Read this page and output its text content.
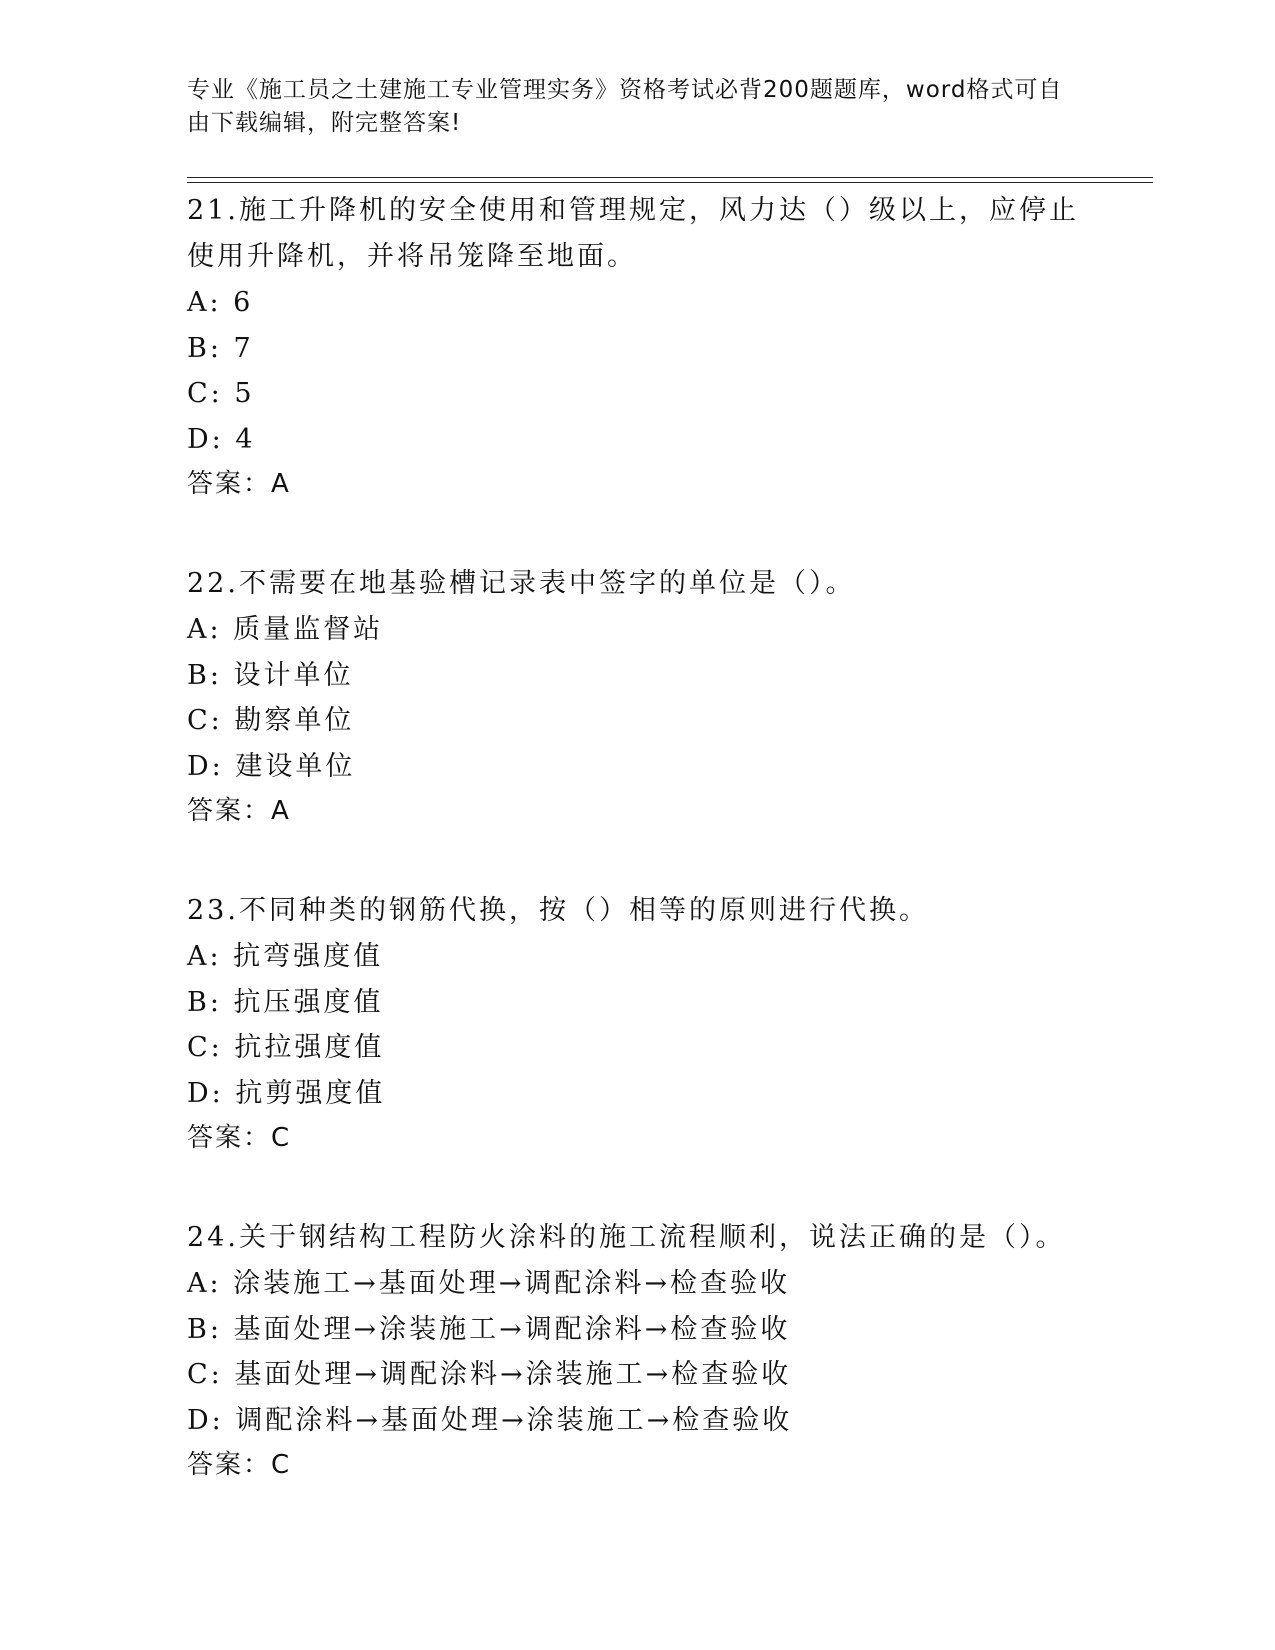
专业《施工员之土建施工专业管理实务》资格考试必背200题题库，word格式可自由下载编辑，附完整答案!
21.施工升降机的安全使用和管理规定，风力达（）级以上，应停止使用升降机，并将吊笼降至地面。
A: 6
B: 7
C: 5
D: 4
答案：A
22.不需要在地基验槽记录表中签字的单位是（）。
A: 质量监督站
B: 设计单位
C: 勘察单位
D: 建设单位
答案：A
23.不同种类的钢筋代换，按（）相等的原则进行代换。
A: 抗弯强度值
B: 抗压强度值
C: 抗拉强度值
D: 抗剪强度值
答案：C
24.关于钢结构工程防火涂料的施工流程顺利，说法正确的是（）。
A: 涂装施工→基面处理→调配涂料→检查验收
B: 基面处理→涂装施工→调配涂料→检查验收
C: 基面处理→调配涂料→涂装施工→检查验收
D: 调配涂料→基面处理→涂装施工→检查验收
答案：C
